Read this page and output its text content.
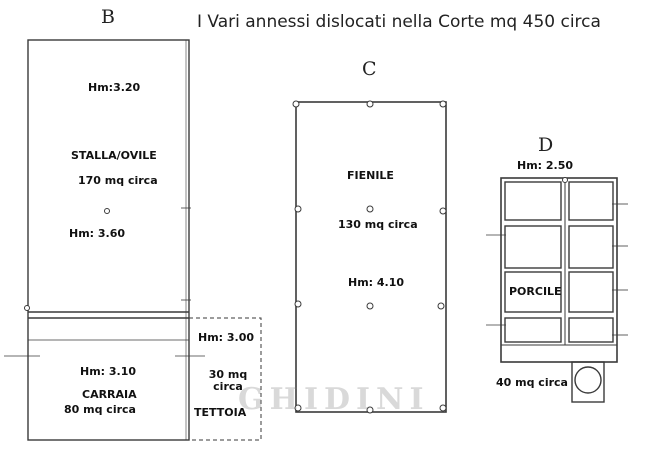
I Vari annessi dislocati nella Corte mq 450 circa
GHIDINI
B
C
D
Hm:3.20
STALLA/OVILE
170 mq circa
Hm: 3.60
Hm: 3.10
CARRAIA
80 mq circa
Hm: 3.00
30 mq circa
TETTOIA
FIENILE
130 mq circa
Hm: 4.10
Hm: 2.50
PORCILE
40 mq circa
